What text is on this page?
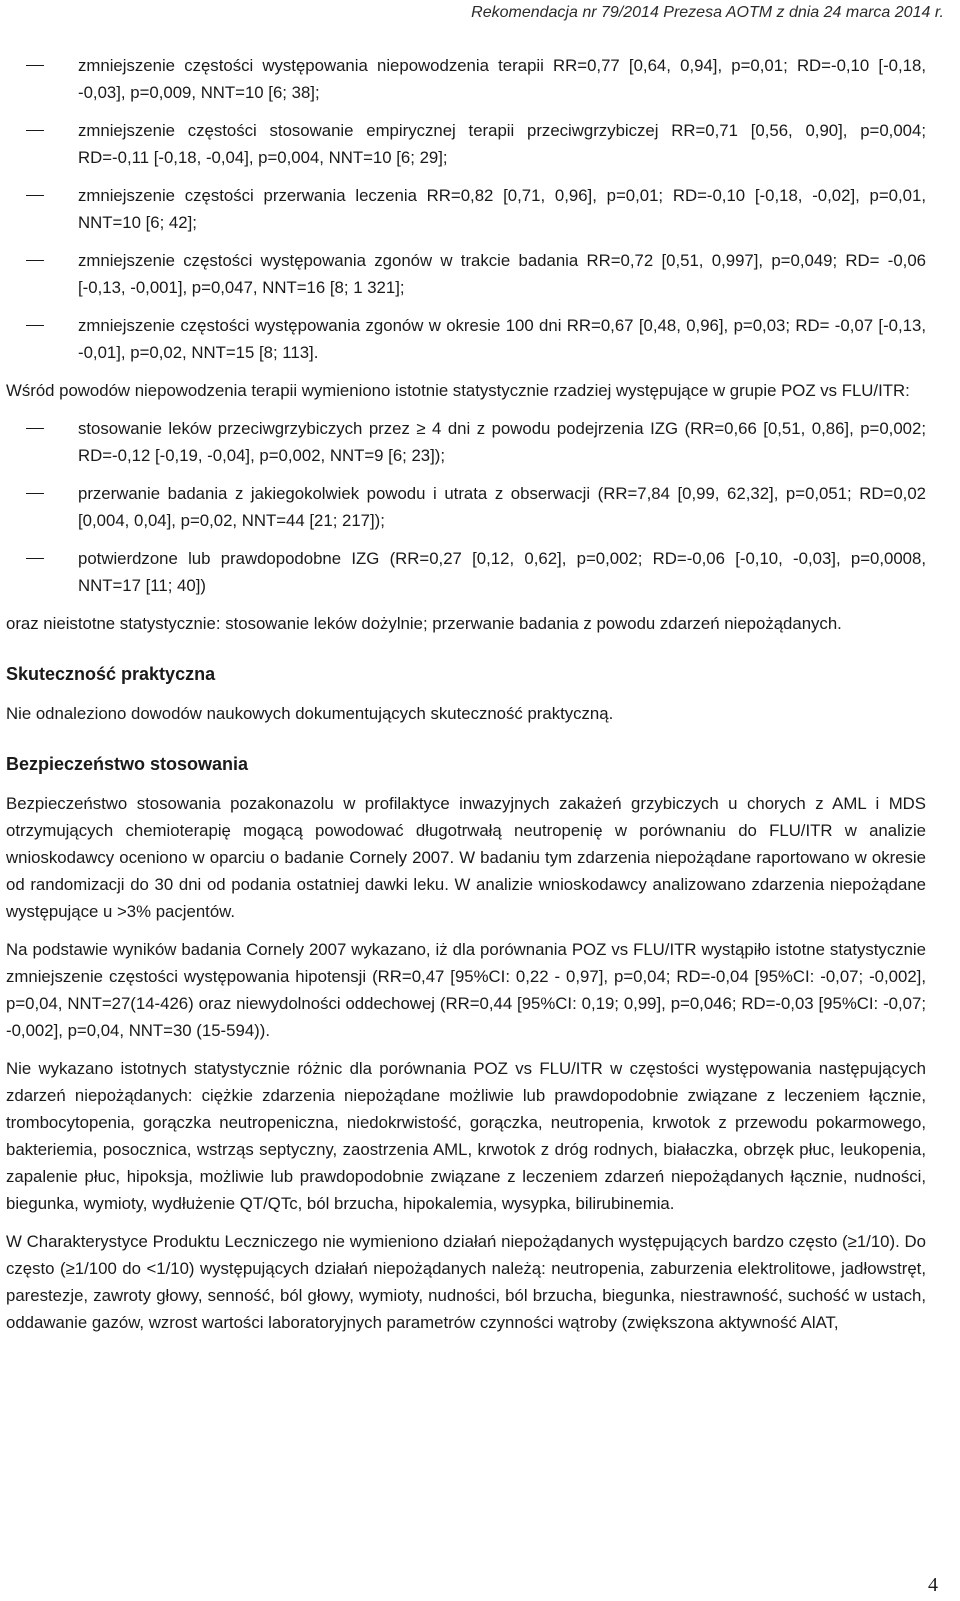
Rekomendacja nr 79/2014 Prezesa AOTM z dnia 24 marca 2014 r.
zmniejszenie częstości występowania niepowodzenia terapii RR=0,77 [0,64, 0,94], p=0,01; RD=-0,10 [-0,18, -0,03], p=0,009, NNT=10 [6; 38];
zmniejszenie częstości stosowanie empirycznej terapii przeciwgrzybiczej RR=0,71 [0,56, 0,90], p=0,004; RD=-0,11 [-0,18, -0,04], p=0,004, NNT=10 [6; 29];
zmniejszenie częstości przerwania leczenia RR=0,82 [0,71, 0,96], p=0,01; RD=-0,10 [-0,18, -0,02], p=0,01, NNT=10 [6; 42];
zmniejszenie częstości występowania zgonów w trakcie badania RR=0,72 [0,51, 0,997], p=0,049; RD= -0,06 [-0,13, -0,001], p=0,047, NNT=16 [8; 1 321];
zmniejszenie częstości występowania zgonów w okresie 100 dni RR=0,67 [0,48, 0,96], p=0,03; RD= -0,07 [-0,13, -0,01], p=0,02, NNT=15 [8; 113].

Wśród powodów niepowodzenia terapii wymieniono istotnie statystycznie rzadziej występujące w grupie POZ vs FLU/ITR:

stosowanie leków przeciwgrzybiczych przez ≥ 4 dni z powodu podejrzenia IZG (RR=0,66 [0,51, 0,86], p=0,002; RD=-0,12 [-0,19, -0,04], p=0,002, NNT=9 [6; 23]);
przerwanie badania z jakiegokolwiek powodu i utrata z obserwacji (RR=7,84 [0,99, 62,32], p=0,051; RD=0,02 [0,004, 0,04], p=0,02, NNT=44 [21; 217]);
potwierdzone lub prawdopodobne IZG (RR=0,27 [0,12, 0,62], p=0,002; RD=-0,06 [-0,10, -0,03], p=0,0008, NNT=17 [11; 40])

oraz nieistotne statystycznie: stosowanie leków dożylnie; przerwanie badania z powodu zdarzeń niepożądanych.

Skuteczność praktyczna

Nie odnaleziono dowodów naukowych dokumentujących skuteczność praktyczną.

Bezpieczeństwo stosowania

Bezpieczeństwo stosowania pozakonazolu w profilaktyce inwazyjnych zakażeń grzybiczych u chorych z AML i MDS otrzymujących chemioterapię mogącą powodować długotrwałą neutropenię w porównaniu do FLU/ITR w analizie wnioskodawcy oceniono w oparciu o badanie Cornely 2007. W badaniu tym zdarzenia niepożądane raportowano w okresie od randomizacji do 30 dni od podania ostatniej dawki leku. W analizie wnioskodawcy analizowano zdarzenia niepożądane występujące u >3% pacjentów.

Na podstawie wyników badania Cornely 2007 wykazano, iż dla porównania POZ vs FLU/ITR wystąpiło istotne statystycznie zmniejszenie częstości występowania hipotensji (RR=0,47 [95%CI: 0,22 - 0,97], p=0,04; RD=-0,04 [95%CI: -0,07; -0,002], p=0,04, NNT=27(14-426) oraz niewydolności oddechowej (RR=0,44 [95%CI: 0,19; 0,99], p=0,046; RD=-0,03 [95%CI: -0,07; -0,002], p=0,04, NNT=30 (15-594)).

Nie wykazano istotnych statystycznie różnic dla porównania POZ vs FLU/ITR w częstości występowania następujących zdarzeń niepożądanych: ciężkie zdarzenia niepożądane możliwie lub prawdopodobnie związane z leczeniem łącznie, trombocytopenia, gorączka neutropeniczna, niedokrwistość, gorączka, neutropenia, krwotok z przewodu pokarmowego, bakteriemia, posocznica, wstrząs septyczny, zaostrzenia AML, krwotok z dróg rodnych, białaczka, obrzęk płuc, leukopenia, zapalenie płuc, hipoksja, możliwie lub prawdopodobnie związane z leczeniem zdarzeń niepożądanych łącznie, nudności, biegunka, wymioty, wydłużenie QT/QTc, ból brzucha, hipokalemia, wysypka, bilirubinemia.

W Charakterystyce Produktu Leczniczego nie wymieniono działań niepożądanych występujących bardzo często (≥1/10). Do często (≥1/100 do <1/10) występujących działań niepożądanych należą: neutropenia, zaburzenia elektrolitowe, jadłowstręt, parestezje, zawroty głowy, senność, ból głowy, wymioty, nudności, ból brzucha, biegunka, niestrawność, suchość w ustach, oddawanie gazów, wzrost wartości laboratoryjnych parametrów czynności wątroby (zwiększona aktywność AlAT,

4
